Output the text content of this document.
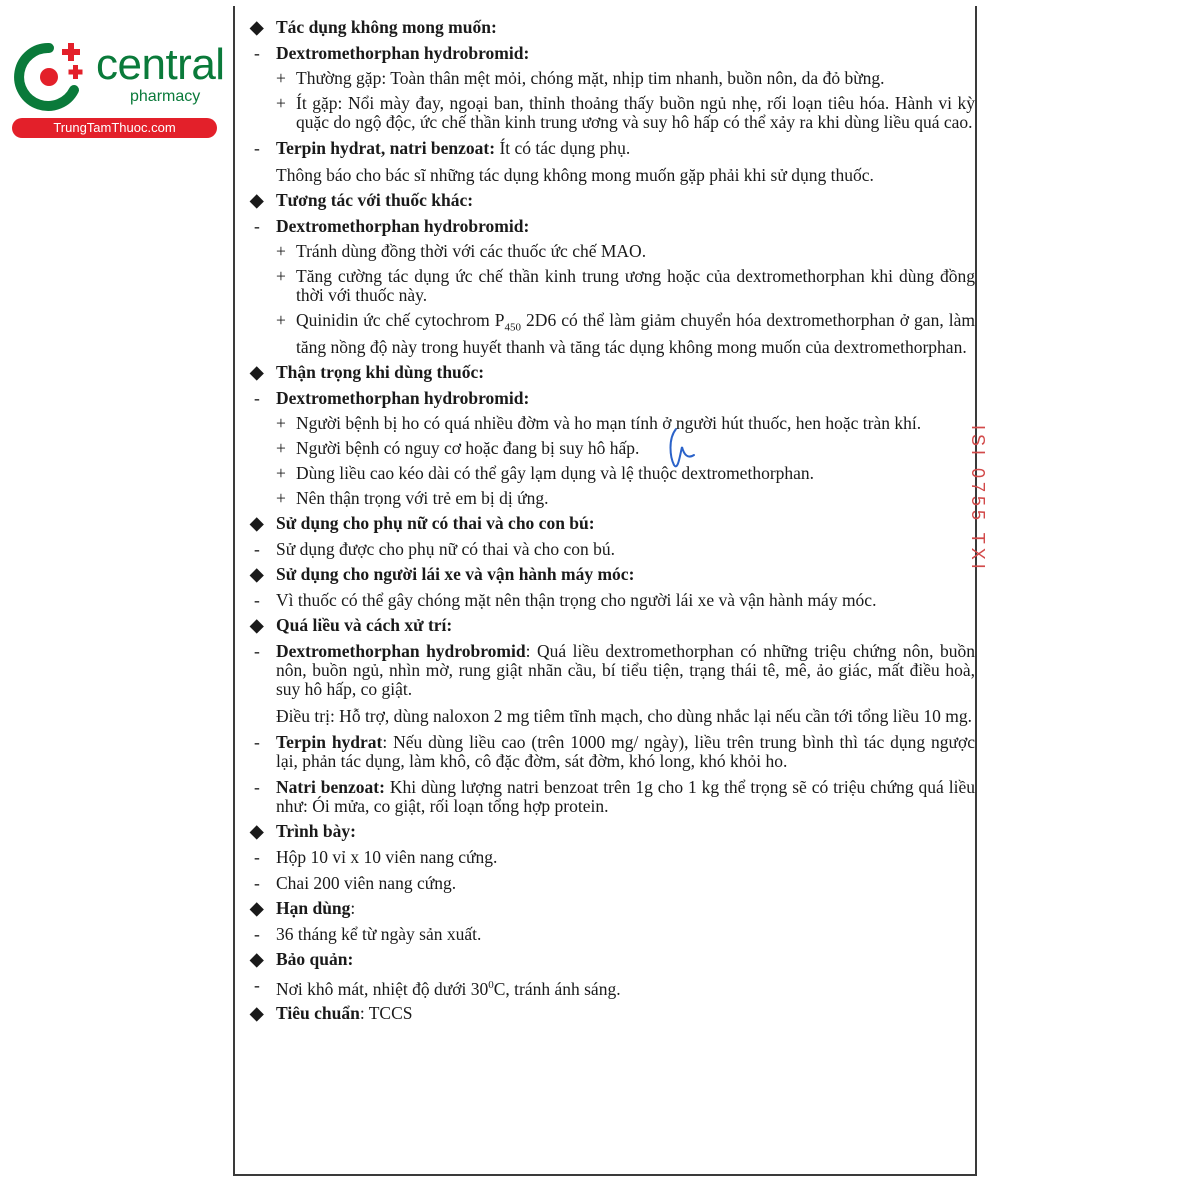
central
pharmacy
TrungTamThuoc.com
ISI 0755 TXI

◆ Tác dụng không mong muốn:

- Dextromethorphan hydrobromid:

+ Thường gặp: Toàn thân mệt mỏi, chóng mặt, nhịp tim nhanh, buồn nôn, da đỏ bừng.

+ Ít gặp: Nổi mày đay, ngoại ban, thỉnh thoảng thấy buồn ngủ nhẹ, rối loạn tiêu hóa. Hành vi kỳ quặc do ngộ độc, ức chế thần kinh trung ương và suy hô hấp có thể xảy ra khi dùng liều quá cao.

- Terpin hydrat, natri benzoat: Ít có tác dụng phụ.

Thông báo cho bác sĩ những tác dụng không mong muốn gặp phải khi sử dụng thuốc.

◆ Tương tác với thuốc khác:

- Dextromethorphan hydrobromid:

+ Tránh dùng đồng thời với các thuốc ức chế MAO.

+ Tăng cường tác dụng ức chế thần kinh trung ương hoặc của dextromethorphan khi dùng đồng thời với thuốc này.

+ Quinidin ức chế cytochrom $P_{450}$ 2D6 có thể làm giảm chuyển hóa dextromethorphan ở gan, làm tăng nồng độ này trong huyết thanh và tăng tác dụng không mong muốn của dextromethorphan.

◆ Thận trọng khi dùng thuốc:

- Dextromethorphan hydrobromid:

+ Người bệnh bị ho có quá nhiều đờm và ho mạn tính ở người hút thuốc, hen hoặc tràn khí.

+ Người bệnh có nguy cơ hoặc đang bị suy hô hấp.

+ Dùng liều cao kéo dài có thể gây lạm dụng và lệ thuộc dextromethorphan.

+ Nên thận trọng với trẻ em bị dị ứng.

◆ Sử dụng cho phụ nữ có thai và cho con bú:

- Sử dụng được cho phụ nữ có thai và cho con bú.

◆ Sử dụng cho người lái xe và vận hành máy móc:

- Vì thuốc có thể gây chóng mặt nên thận trọng cho người lái xe và vận hành máy móc.

◆ Quá liều và cách xử trí:

- Dextromethorphan hydrobromid: Quá liều dextromethorphan có những triệu chứng nôn, buồn nôn, buồn ngủ, nhìn mờ, rung giật nhãn cầu, bí tiểu tiện, trạng thái tê, mê, ảo giác, mất điều hoà, suy hô hấp, co giật.

Điều trị: Hỗ trợ, dùng naloxon 2 mg tiêm tĩnh mạch, cho dùng nhắc lại nếu cần tới tổng liều 10 mg.

- Terpin hydrat: Nếu dùng liều cao (trên 1000 mg/ ngày), liều trên trung bình thì tác dụng ngược lại, phản tác dụng, làm khô, cô đặc đờm, sát đờm, khó long, khó khỏi ho.

- Natri benzoat: Khi dùng lượng natri benzoat trên 1g cho 1 kg thể trọng sẽ có triệu chứng quá liều như: Ói mửa, co giật, rối loạn tổng hợp protein.

◆ Trình bày:

- Hộp 10 vỉ x 10 viên nang cứng.

- Chai 200 viên nang cứng.

◆ Hạn dùng:

- 36 tháng kể từ ngày sản xuất.

◆ Bảo quản:

- Nơi khô mát, nhiệt độ dưới $30^0C$, tránh ánh sáng.

◆ Tiêu chuẩn: TCCS
